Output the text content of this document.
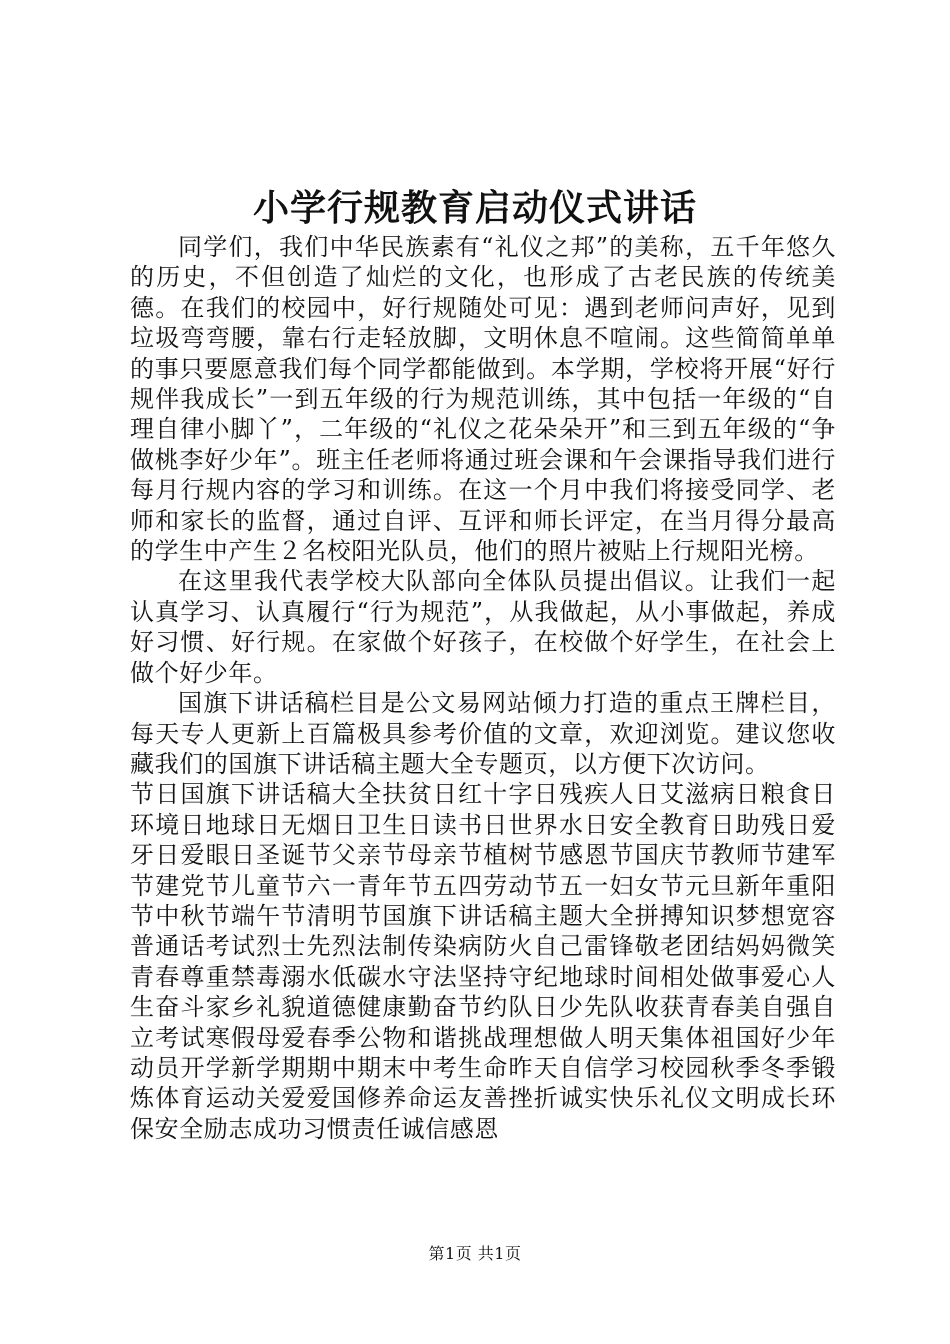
小学行规教育启动仪式讲话

同学们，我们中华民族素有“礼仪之邦”的美称，五千年悠久的历史，不但创造了灿烂的文化，也形成了古老民族的传统美德。在我们的校园中，好行规随处可见：遇到老师问声好，见到垃圾弯弯腰，靠右行走轻放脚，文明休息不喧闹。这些简简单单的事只要愿意我们每个同学都能做到。本学期，学校将开展“好行规伴我成长”一到五年级的行为规范训练，其中包括一年级的“自理自律小脚丫”，二年级的“礼仪之花朵朵开”和三到五年级的“争做桃李好少年”。班主任老师将通过班会课和午会课指导我们进行每月行规内容的学习和训练。在这一个月中我们将接受同学、老师和家长的监督，通过自评、互评和师长评定，在当月得分最高的学生中产生２名校阳光队员，他们的照片被贴上行规阳光榜。

在这里我代表学校大队部向全体队员提出倡议。让我们一起认真学习、认真履行“行为规范”，从我做起，从小事做起，养成好习惯、好行规。在家做个好孩子，在校做个好学生，在社会上做个好少年。

国旗下讲话稿栏目是公文易网站倾力打造的重点王牌栏目，每天专人更新上百篇极具参考价值的文章，欢迎浏览。建议您收藏我们的国旗下讲话稿主题大全专题页，以方便下次访问。

节日国旗下讲话稿大全扶贫日红十字日残疾人日艾滋病日粮食日环境日地球日无烟日卫生日读书日世界水日安全教育日助残日爱牙日爱眼日圣诞节父亲节母亲节植树节感恩节国庆节教师节建军节建党节儿童节六一青年节五四劳动节五一妇女节元旦新年重阳节中秋节端午节清明节国旗下讲话稿主题大全拼搏知识梦想宽容普通话考试烈士先烈法制传染病防火自己雷锋敬老团结妈妈微笑青春尊重禁毒溺水低碳水守法坚持守纪地球时间相处做事爱心人生奋斗家乡礼貌道德健康勤奋节约队日少先队收获青春美自强自立考试寒假母爱春季公物和谐挑战理想做人明天集体祖国好少年动员开学新学期期中期末中考生命昨天自信学习校园秋季冬季锻炼体育运动关爱爱国修养命运友善挫折诚实快乐礼仪文明成长环保安全励志成功习惯责任诚信感恩

第1页 共1页
